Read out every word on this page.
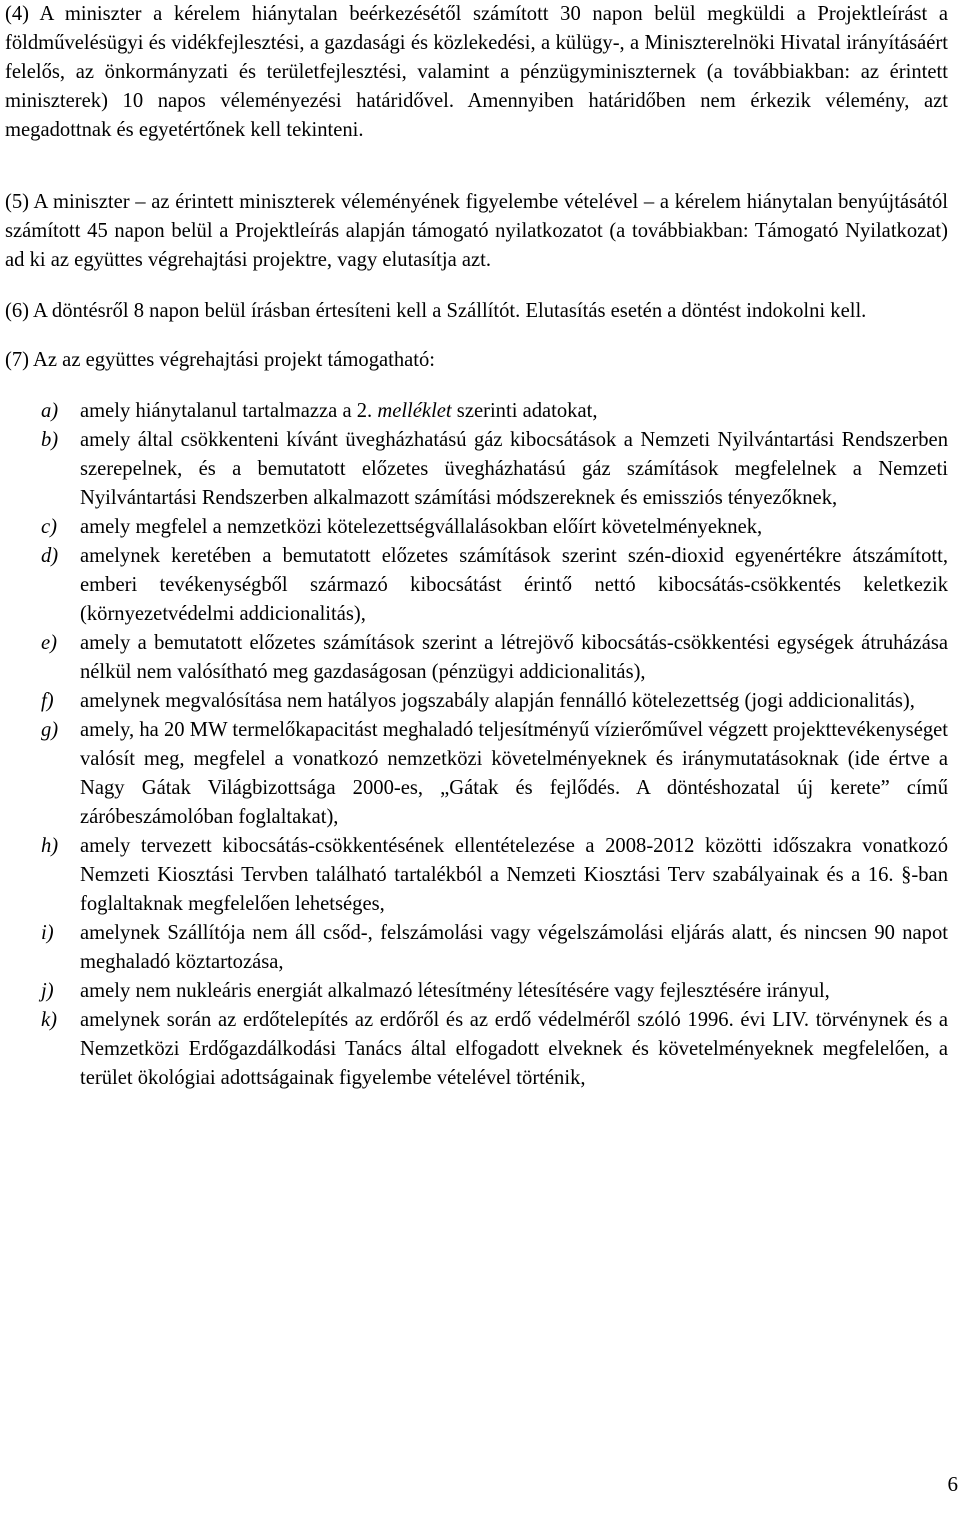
(4) A miniszter a kérelem hiánytalan beérkezésétől számított 30 napon belül megküldi a Projektleírást a földművelésügyi és vidékfejlesztési, a gazdasági és közlekedési, a külügy-, a Miniszterelnöki Hivatal irányításáért felelős, az önkormányzati és területfejlesztési, valamint a pénzügyminiszternek (a továbbiakban: az érintett miniszterek) 10 napos véleményezési határidővel. Amennyiben határidőben nem érkezik vélemény, azt megadottnak és egyetértőnek kell tekinteni.

(5) A miniszter – az érintett miniszterek véleményének figyelembe vételével – a kérelem hiánytalan benyújtásától számított 45 napon belül a Projektleírás alapján támogató nyilatkozatot (a továbbiakban: Támogató Nyilatkozat) ad ki az együttes végrehajtási projektre, vagy elutasítja azt.

(6) A döntésről 8 napon belül írásban értesíteni kell a Szállítót. Elutasítás esetén a döntést indokolni kell.

(7) Az az együttes végrehajtási projekt támogatható:

a) amely hiánytalanul tartalmazza a 2. melléklet szerinti adatokat,

b) amely által csökkenteni kívánt üvegházhatású gáz kibocsátások a Nemzeti Nyilvántartási Rendszerben szerepelnek, és a bemutatott előzetes üvegházhatású gáz számítások megfelelnek a Nemzeti Nyilvántartási Rendszerben alkalmazott számítási módszereknek és emissziós tényezőknek,

c) amely megfelel a nemzetközi kötelezettségvállalásokban előírt követelményeknek,

d) amelynek keretében a bemutatott előzetes számítások szerint szén-dioxid egyenértékre átszámított, emberi tevékenységből származó kibocsátást érintő nettó kibocsátás-csökkentés keletkezik (környezetvédelmi addicionalitás),

e) amely a bemutatott előzetes számítások szerint a létrejövő kibocsátás-csökkentési egységek átruházása nélkül nem valósítható meg gazdaságosan (pénzügyi addicionalitás),

f) amelynek megvalósítása nem hatályos jogszabály alapján fennálló kötelezettség (jogi addicionalitás),

g) amely, ha 20 MW termelőkapacitást meghaladó teljesítményű vízierőművel végzett projekttevékenységet valósít meg, megfelel a vonatkozó nemzetközi követelményeknek és iránymutatásoknak (ide értve a Nagy Gátak Világbizottsága 2000-es, „Gátak és fejlődés. A döntéshozatal új kerete” című záróbeszámolóban foglaltakat),

h) amely tervezett kibocsátás-csökkentésének ellentételezése a 2008-2012 közötti időszakra vonatkozó Nemzeti Kiosztási Tervben található tartalékból a Nemzeti Kiosztási Terv szabályainak és a 16. §-ban foglaltaknak megfelelően lehetséges,

i) amelynek Szállítója nem áll csőd-, felszámolási vagy végelszámolási eljárás alatt, és nincsen 90 napot meghaladó köztartozása,

j) amely nem nukleáris energiát alkalmazó létesítmény létesítésére vagy fejlesztésére irányul,

k) amelynek során az erdőtelepítés az erdőről és az erdő védelméről szóló 1996. évi LIV. törvénynek és a Nemzetközi Erdőgazdálkodási Tanács által elfogadott elveknek és követelményeknek megfelelően, a terület ökológiai adottságainak figyelembe vételével történik,

6
